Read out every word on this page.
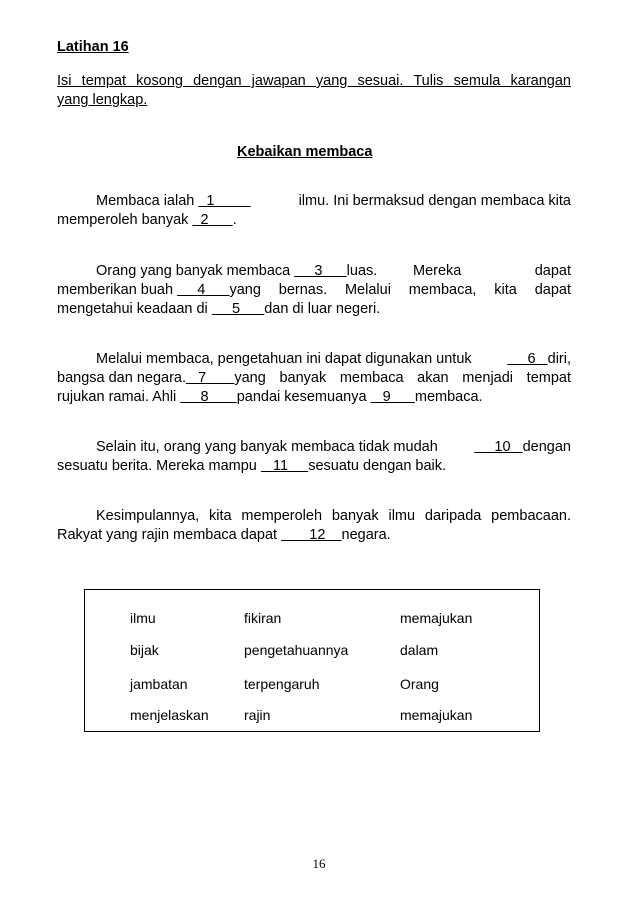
Latihan 16
Isi tempat kosong dengan jawapan yang sesuai. Tulis semula karangan
yang lengkap.
Kebaikan membaca
Membaca ialah   1	ilmu. Ini bermaksud dengan membaca kita
memperoleh banyak   2      .
Orang yang banyak membaca      3      luas. Mereka	dapat
memberikan buah      4 yang bernas. Melalui membaca, kita dapat
mengetahui keadaan di      5      dan di luar negeri.
Melalui membaca, pengetahuan ini dapat digunakan untuk 6   diri,
bangsa dan negara. 7 yang banyak membaca akan menjadi tempat
rujukan ramai. Ahli      8       pandai kesemuanya    9      membaca.
Selain itu, orang yang banyak membaca tidak mudah	10   dengan
sesuatu berita. Mereka mampu    11     sesuatu dengan baik.
Kesimpulannya, kita memperoleh banyak ilmu daripada pembacaan.
Rakyat yang rajin membaca dapat        12    negara.
ilmu	fikiran	memajukan
bijak	pengetahuannya	dalam
jambatan	terpengaruh	Orang
menjelaskan	rajin	memajukan
16
